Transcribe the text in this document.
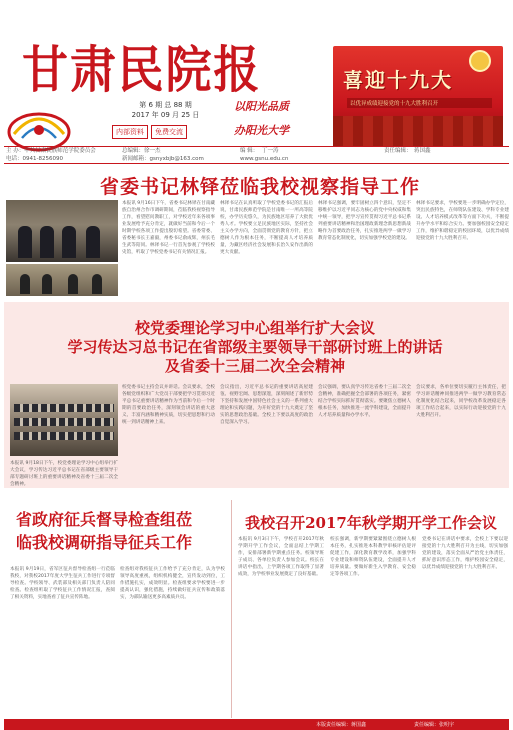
甘肃民院报
第 6 期 总 88 期
2017 年 09 月 25 日
内部资料	免费交流
以阳光品质
办阳光大学
喜迎十九大
以优异成绩迎接党的十九大胜利召开
主 办：中共甘肃民族师范学院委员会
电话：0941-8256090
总编辑： 徐一杰
新闻邮箱：gsnyxbjb@163.com
编 辑： 丁一涛
www.gsnu.edu.cn
责任编辑： 蒋国鑫
省委书记林铎莅临我校视察指导工作
本报讯 9月16日下午，省委书记林铎在甘南藏族自治州合作市调研期间，莅临我校视察指导工作，看望慰问教职工，对学校近年来各项事业发展给予充分肯定，就做好当前和今后一个时期学校各项工作提出殷切希望。省委常委、省委秘书长王嘉毅，州委书记俞成辉，州长毛生武等陪同。林铎书记一行首先参观了学校校史馆，听取了学校党委书记有关情况汇报。
林铎书记在认真听取了学校党委书记的汇报后说，甘肃民族师范学院是甘南唯一一所高等院校，办学历史悠久，为民族地区培养了大批优秀人才。学校要立足民族地区实际，坚持社会主义办学方向，全面贯彻党的教育方针，把立德树人作为根本任务，不断提高人才培养质量，为藏区经济社会发展和长治久安作出新的更大贡献。
林铎书记强调，要牢固树立四个意识，坚定不移维护以习近平同志为核心的党中央权威和集中统一领导，把学习宣传贯彻习近平总书记系列重要讲话精神和治国理政新理念新思想新战略作为首要政治任务，扎实推进两学一做学习教育常态化制度化，切实加强学校党的建设。
林铎书记要求，学校要进一步明确办学定位，突出民族特色，在师资队伍建设、学科专业建设、人才培养模式改革等方面下功夫，不断提升办学水平和综合实力。要加强校园安全稳定工作，维护和谐稳定的校园环境，以优异成绩迎接党的十九大胜利召开。
校党委理论学习中心组举行扩大会议
学习传达习总书记在省部级主要领导干部研讨班上的讲话
及省委十三届二次全会精神
本报讯 9月18日下午，校党委理论学习中心组举行扩大会议，学习传达习近平总书记在省部级主要领导干部专题研讨班上的重要讲话精神及省委十三届二次全会精神。
校党委书记主持会议并讲话。会议要求，全校各级党组织和广大党员干部要把学习贯彻习近平总书记重要讲话精神作为当前和今后一个时期的首要政治任务，深刻领会讲话的重大意义、丰富内涵和精神实质，切实把思想和行动统一到讲话精神上来。
会议指出，习近平总书记的重要讲话高屋建瓴、视野宏阔、思想深邃，深刻阐述了新形势下坚持和发展中国特色社会主义的一系列重大理论和实践问题，为开好党的十九大奠定了坚实的思想政治基础。全校上下要以高度的政治自觉深入学习。
会议强调，要认真学习传达省委十三届二次全会精神，准确把握全会部署的各项任务，紧密结合学校实际抓好贯彻落实。要聚焦立德树人根本任务，加快推进一流学科建设，全面提升人才培养质量和办学水平。
会议要求，各单位要切实履行主体责任，把学习讲话精神同推进两学一做学习教育常态化制度化结合起来，同学校改革发展稳定各项工作结合起来，以实际行动迎接党的十九大胜利召开。
省政府征兵督导检查组莅
临我校调研指导征兵工作
本报讯 9月19日，省军区征兵督导检查组一行莅临我校，对我校2017年度大学生征兵工作进行专项督导检查。学校领导、武装部及相关部门负责人陪同检查。检查组听取了学校征兵工作情况汇报，查阅了相关资料，实地查看了征兵宣传阵地。
检查组对我校征兵工作给予了充分肯定，认为学校领导高度重视，组织机构健全，宣传发动到位，工作措施扎实，成效明显。检查组要求学校要进一步提高认识，强化措施，持续做好征兵宣传和政策落实，为部队输送更多高素质兵员。
我校召开2017年秋学期开学工作会议
本报讯 9月3日下午，学校召开2017年秋学期开学工作会议，全面总结上学期工作，安排部署新学期重点任务。校领导班子成员、各单位负责人参加会议。校长在讲话中指出，上学期各项工作取得了显著成效，为学校事业发展奠定了良好基础。
校长强调，新学期要紧紧围绕立德树人根本任务，扎实推进本科教学审核评估迎评促建工作，深化教育教学改革，加强学科专业建设和师资队伍建设，全面提升人才培养质量。要做好新生入学教育、安全稳定等各项工作。
党委书记在讲话中要求，全校上下要以迎接党的十九大胜利召开为主线，切实加强党的建设，落实全面从严治党主体责任，抓好意识形态工作，维护校园安全稳定，以优异成绩迎接党的十九大胜利召开。
本版责任编辑：蒋国鑫	责任编辑：张明宇
